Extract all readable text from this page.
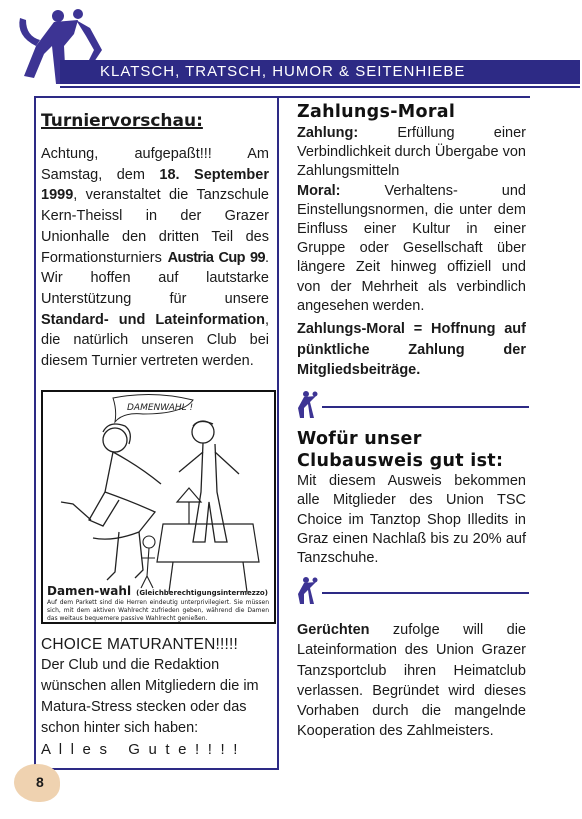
KLATSCH, TRATSCH, HUMOR & SEITENHIEBE
Turniervorschau:
Achtung, aufgepaßt!!! Am Samstag, dem 18. September 1999, veranstaltet die Tanzschule Kern-Theissl in der Grazer Unionhalle den dritten Teil des Formationsturniers Austria Cup 99. Wir hoffen auf lautstarke Unterstützung für unsere Standard- und Lateinformation, die natürlich unseren Club bei diesem Turnier vertreten werden.
DAMENWAHL !
Damen-wahl (Gleichberechtigungsintermezzo)
Auf dem Parkett sind die Herren eindeutig unterprivilegiert. Sie müssen sich, mit dem aktiven Wahlrecht zufrieden geben, während die Damen das weitaus bequemere passive Wahlrecht genießen.
CHOICE MATURANTEN!!!!!
Der Club und die Redaktion wünschen allen Mitgliedern die im Matura-Stress stecken oder das schon hinter sich haben:
A l l e s   G u t e ! ! ! !
Zahlungs-Moral
Zahlung: Erfüllung einer Verbindlichkeit durch Übergabe von Zahlungsmitteln
Moral: Verhaltens- und Einstellungsnormen, die unter dem Einfluss einer Kultur in einer Gruppe oder Gesellschaft über längere Zeit hinweg offiziell und von der Mehrheit als verbindlich angesehen werden.
Zahlungs-Moral = Hoffnung auf pünktliche Zahlung der Mitgliedsbeiträge.
Wofür unser Clubausweis gut ist:
Mit diesem Ausweis bekommen alle Mitglieder des Union TSC Choice im Tanztop Shop Illedits in Graz einen Nachlaß bis zu 20% auf Tanzschuhe.
Gerüchten zufolge will die Lateinformation des Union Grazer Tanzsportclub ihren Heimatclub verlassen. Begründet wird dieses Vorhaben durch die mangelnde Kooperation des Zahlmeisters.
8
